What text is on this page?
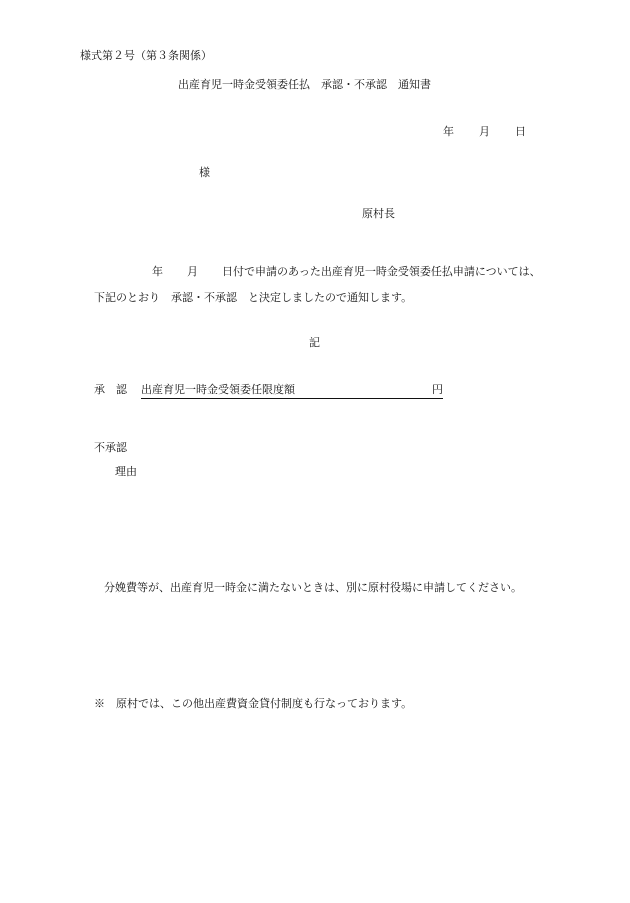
様式第２号（第３条関係）
出産育児一時金受領委任払　承認・不承認　通知書
年 月 日
様
原村長
年 月 日付で申請のあった出産育児一時金受領委任払申請については、
下記のとおり　承認・不承認　と決定しましたので通知します。
記
承　認 出産育児一時金受領委任限度額	円
不承認
理由
分娩費等が、出産育児一時金に満たないときは、別に原村役場に申請してください。
※　原村では、この他出産費資金貸付制度も行なっております。
